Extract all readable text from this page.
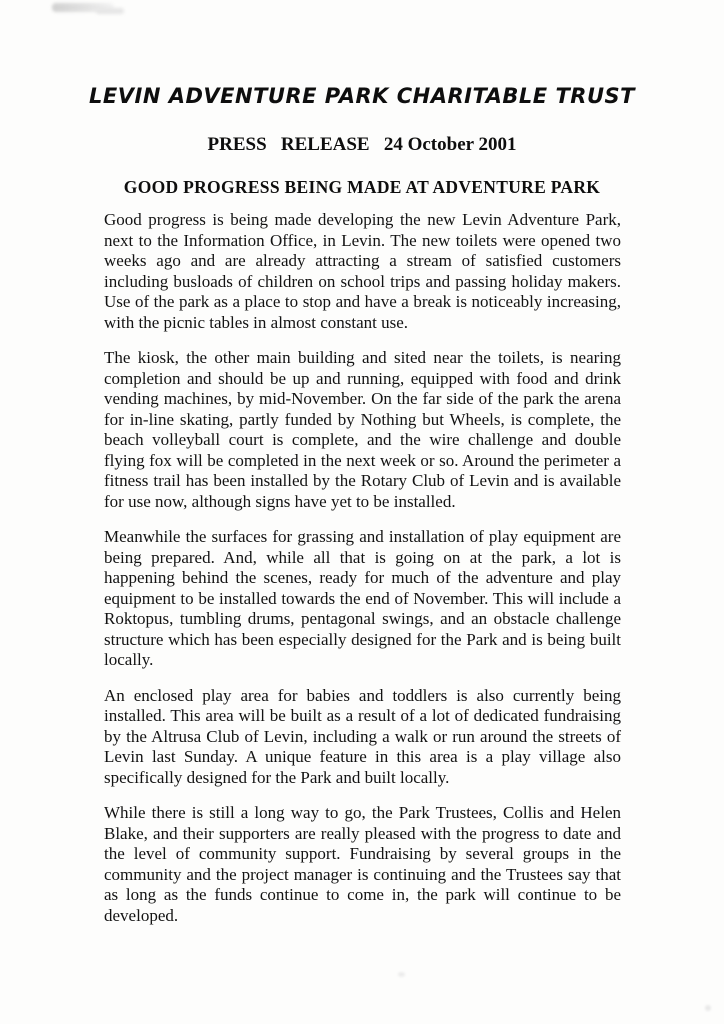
LEVIN ADVENTURE PARK CHARITABLE TRUST
PRESS   RELEASE   24 October 2001
GOOD PROGRESS BEING MADE AT ADVENTURE PARK

Good progress is being made developing the new Levin Adventure Park, next to the Information Office, in Levin. The new toilets were opened two weeks ago and are already attracting a stream of satisfied customers including busloads of children on school trips and passing holiday makers. Use of the park as a place to stop and have a break is noticeably increasing, with the picnic tables in almost constant use.

The kiosk, the other main building and sited near the toilets, is nearing completion and should be up and running, equipped with food and drink vending machines, by mid-November. On the far side of the park the arena for in-line skating, partly funded by Nothing but Wheels, is complete, the beach volleyball court is complete, and the wire challenge and double flying fox will be completed in the next week or so. Around the perimeter a fitness trail has been installed by the Rotary Club of Levin and is available for use now, although signs have yet to be installed.

Meanwhile the surfaces for grassing and installation of play equipment are being prepared. And, while all that is going on at the park, a lot is happening behind the scenes, ready for much of the adventure and play equipment to be installed towards the end of November. This will include a Roktopus, tumbling drums, pentagonal swings, and an obstacle challenge structure which has been especially designed for the Park and is being built locally.

An enclosed play area for babies and toddlers is also currently being installed. This area will be built as a result of a lot of dedicated fundraising by the Altrusa Club of Levin, including a walk or run around the streets of Levin last Sunday. A unique feature in this area is a play village also specifically designed for the Park and built locally.

While there is still a long way to go, the Park Trustees, Collis and Helen Blake, and their supporters are really pleased with the progress to date and the level of community support. Fundraising by several groups in the community and the project manager is continuing and the Trustees say that as long as the funds continue to come in, the park will continue to be developed.
